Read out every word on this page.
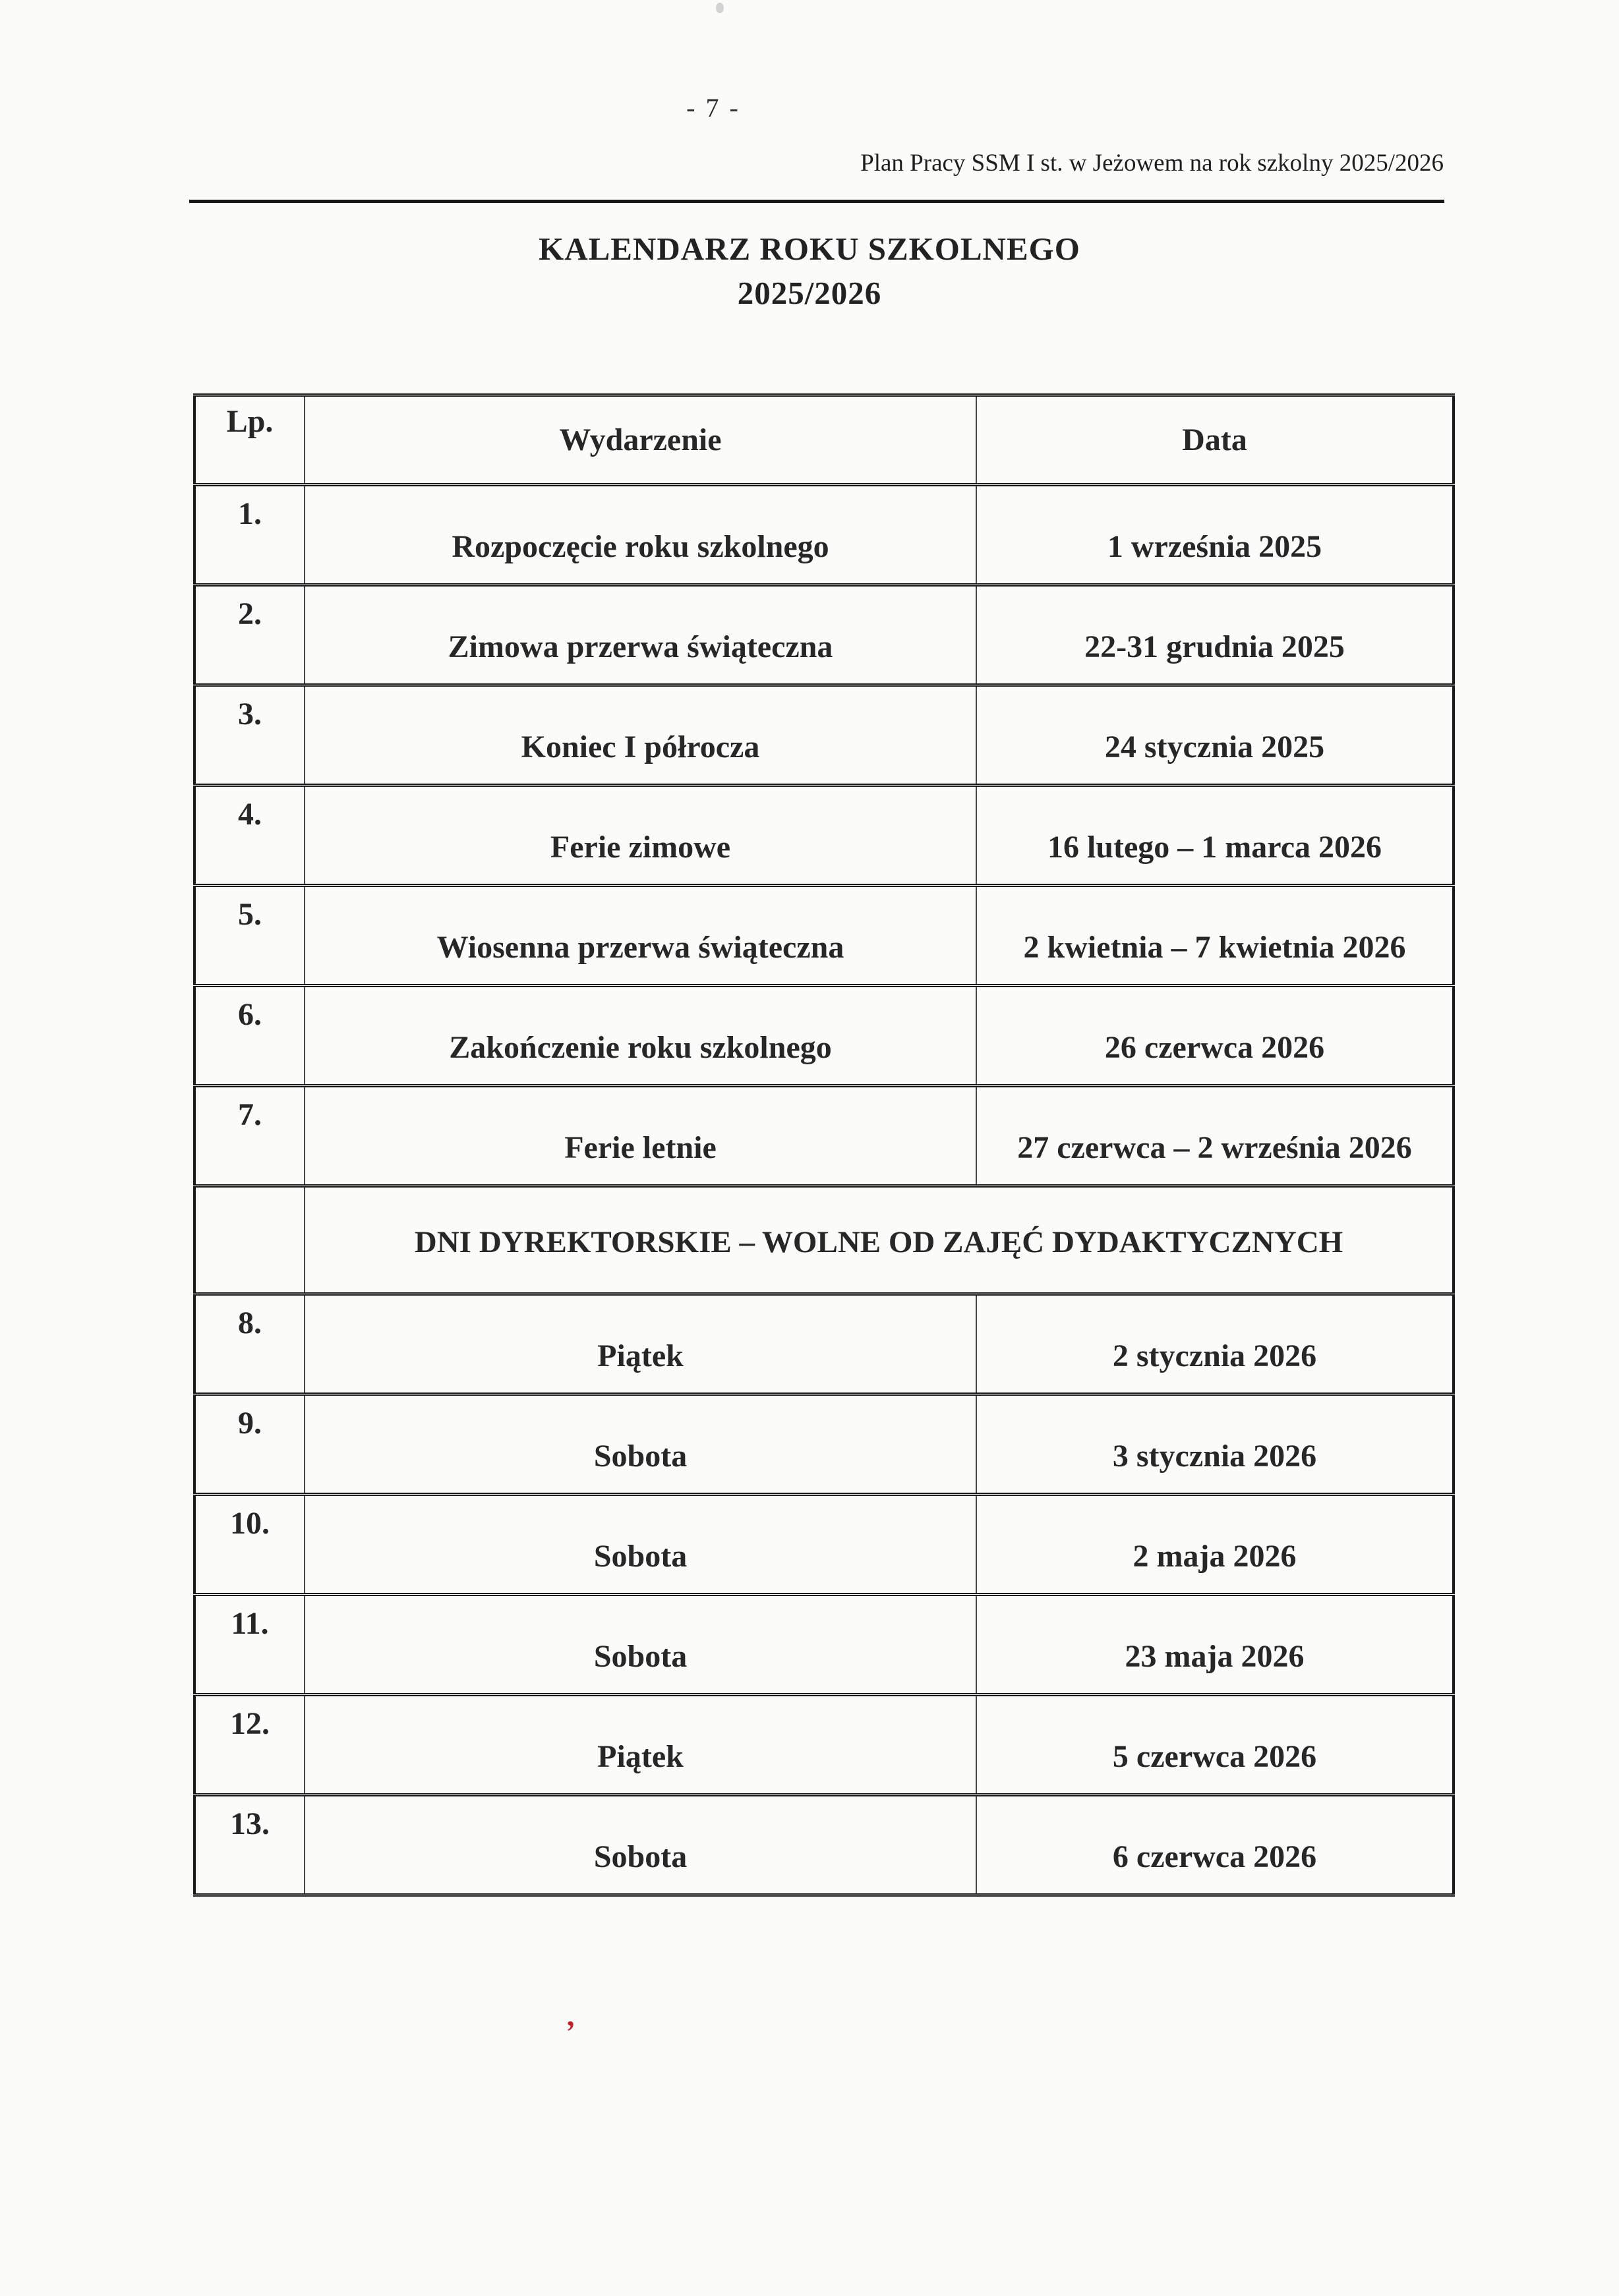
- 7 -
Plan Pracy SSM I st. w Jeżowem na rok szkolny 2025/2026
KALENDARZ ROKU SZKOLNEGO
2025/2026
Lp.	Wydarzenie	Data
1.	Rozpoczęcie roku szkolnego	1 września 2025
2.	Zimowa przerwa świąteczna	22-31 grudnia 2025
3.	Koniec I półrocza	24 stycznia 2025
4.	Ferie zimowe	16 lutego – 1 marca 2026
5.	Wiosenna przerwa świąteczna	2 kwietnia – 7 kwietnia 2026
6.	Zakończenie roku szkolnego	26 czerwca 2026
7.	Ferie letnie	27 czerwca – 2 września 2026
	DNI DYREKTORSKIE – WOLNE OD ZAJĘĆ DYDAKTYCZNYCH	
8.	Piątek	2 stycznia 2026
9.	Sobota	3 stycznia 2026
10.	Sobota	2 maja 2026
11.	Sobota	23 maja 2026
12.	Piątek	5 czerwca 2026
13.	Sobota	6 czerwca 2026
,
